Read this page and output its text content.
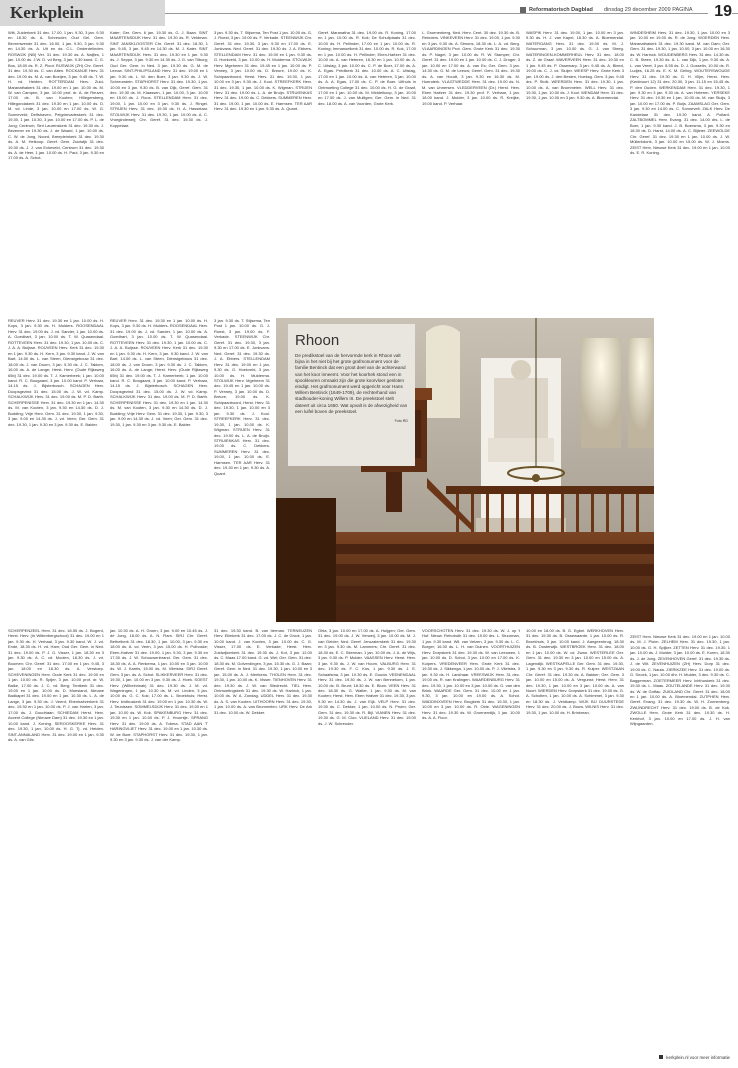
Kerkplein	Reformatorisch Dagblad dinsdag 29 december 2009 PAGINA	19
Wiit, Zuiderkerk 31 dec. 17.00, 1 jan. 9.30, 3 jan. 9.30 en 18.30 ds. A. Schreuder; Oud Gel. Gem. Bevrenwende 31 dec. 16.00, 1 jan. 9.30, 3 jan. 9.30 en 14.30 ds. A. Uit en ds. C.L. Onderdelinden. ROSWIJK (NB) Ver. 31 dec. 19.30 ds. A. Naijtes, 1 jan. 10.00 ds. J.W. D. vd Berg, 3 jan. 9.30 kand. C. G. Bos, 18.00 ds. R. Z. Ploot. RIJSWIJK (ZH) Chr. Geref. 31 dec. 19.30 ds. C. van Atten. ROCKANJE Herv. 31 dec. 19.00 ds. M. A. van Boeijen, 3 jan. 9.45 ds. T. W. H. vd. Heiden. ROTTERDAM Herv. Zuid-Maranathakerk 31 dec. 19.00 en 1 jan. 10.00 ds. M. W. van Campen, 3 jan. 10.00 prof. dr. A. de Reuver, 17.00 ds. B. van Kooten; Hillegersberg, Hillegondakerk 31 dec. 19.30 en 1 jan. 10.00 ds. D. M. vd. Linde, 3 jan. 10.00 en 17.00 ds. W. G. Sonneveld; Delfshaven, Pelgrimvadeskerk 31 dec. 19.30, 1 jan. 10.30, 3 jan. 10.00 en 17.00 ds. P. L. de Jong; Centrum, Sint Laurenskerk 31 dec. 19.30 ds. J. Bezemer en 19.30 ds. J. de Waard, 1 jan. 10.00 ds. C. W. de Jong, Noord, Breepleinkerk 31 dec. 19.30 ds. A. M. Heikoop. Geref. Gem. Zuidwijk 31 dec. 19.30 ds. J. J. van Eckeveld, Centrum 31 dec. 19.30 ds. A. de Heer, 1 jan. 10.00 ds. H. Paul, 3 jan. 9.30 en 17.00 ds. A. Schot.
Kater; Ger. Gem. 6 jan. 19.30 ds. G. J. Baan. SINT MAARTENSDIJK Herv. 31 dec. 19.30 ds. R. Veldman. SINT JANSKLOOSTER Chr. Geref. 31 dec. 18.30, 1 jan. 9.45, 3 jan. 9.45 en 14.30 ds. M. J. Kater. SINT MAARTENSDIJK Herv. 31 dec. 19.30 en 1 jan. 9.30 ds. J. Seppe, 3 jan. 9.30 en 14.30 ds. J. G. van Tilburg; Oud Ger. Gem. in Ned. 3 jan. 19.30 ds. G. M. de Leeuw. SINT-PHILIPSLAND Herv. 31 dec. 19.00 en 1 jan. 9.30 ds. L. W. den Boer, 3 jan. 9.30 ds. J. W. Schreurstein. STAPHORST Herv. 31 dec. 19.30, 1 jan. 10.00 en 3 jan. 9.30 ds. B. van Dijk, Geref. Gem. 31 dec. 19.30 ds. M. Klaassen, 1 jan. 10.00, 3 jan. 10.00 en 15.00 ds. J. Roos. STELLENDAM Herv. 31 dec. 19.00, 1 jan. 10.00 en 3 jan. 9.30 ds. J. Ringel. STRIJEN Herv. 31 dec. 19.30 ds. H. A. Hasselaar. STOLWIJK Herv. 31 dec. 19.30, 1 jan. 10.00 ds. A. C. Vroegindeweij; Chr. Geref. 31 dec. 19.30 ds. J. Koppelaar.
3 jan. 9.30 ds. T. Stijsema, Ten Post 1 jan. 10.00 ds. G. J. Roest, 3 jan. 19.00 ds. F. Verkade. STEENWIJK Chr. Geref. 31 dec. 19.30, 3 jan. 9.30 en 17.00 ds. E. Jonkvans. Ned. Geref. 31 dec. 19.30 ds. J. A. Ebbers. STELLENDAM Herv. 31 dec. 19.00 en 1 jan. 9.30 ds. G. Hoekveld, 3 jan. 10.00 ds. H. Mulderma. STOLWIJK Herv. Mgeheem 31 dec. 19.45 en 1 jan. 10.00 ds. P. Verwey, 3 jan. 10.00 ds. D. Breure, 19.00 ds. K. Schipaanboord, Herst. Herv. 31 dec. 19.30, 1 jan. 10.00 en 3 jan. 9.30 ds. J. Kool. STREEFKERK Herv. 31 dec. 19.30, 1 jan. 10.00 ds. K. Wigman. STRIJEN Herv. 31 dec. 19.00 ds. L. A. de Bruijn. STRUIENKAS Herv. 31 dec. 19.00 ds. C. Dekkers. SUMMEREN Herv. 31 dec. 19.00, 1 jan. 10.00 ds. E. Harmsen. TER AAR Herv. 31 dec. 19.30 en 1 jan. 9.30 ds. A. Quant.
Geref. Maranatha 31 dec. 19.00 ds. R. Koning, 17.00 en 1 jan. 10.00 ds. R. Kok; De Schuilplaats 31 dec. 10.00 ds. H. Pellinder, 17.00 en 1 jan. 10.00 ds. R. Koning; Immanuelkerk 31 dec. 10.00 ds. R. Kok, 17.00 en 1 jan. 10.00 ds. H. Pellinder; Eben-Haëzer 31 dec. 10.00 ds. A. van Heteren, 16.30 en 1 jan. 10.00 ds. A. C. Uitslag, 3 jan. 10.00 ds. C. P. de Boer, 17.00 ds. A. A. Egas. Prédikerk 31 dec. 10.00 ds. A. C. Uitslag, 17.00 en 1 jan. 10.00 ds. A. van Heteren, 3 jan. 10.00 ds. A. A. Egas, 17.00 ds. C. P. de Boer. Uithuis in Ontmoeting College 31 dec. 10.00 ds. H. G. de Graaf, 17.00 en 1 jan. 10.00 ds. M. Middelkoop, 3 jan. 10.00 en 17.00 ds. J. van Mulligen; Ger. Gem. in Ned. 31 dec. 18.00 ds. A. van Voorden, Grote Kerk.
L. Groenenberg, Ned. Herv. Cent. 30 dec. 19.30 ds. B. Reinders. VINKEVEEN Herv. 31 dec. 19.00, 1 jan. 9.30 en 3 jan. 9.30 ds. A. Simons, 18.30 ds. L. A. vd. Berg. VLAARDINGEN Prot. Gem. Grote Kerk 31 dec. 19.30 ds. P. Nagel, 3 jan. 10.00 ds. R. W. Stamper; Chr. Geref. 31 dec. 19.00 en 1 jan. 10.00 ds. C. J. Droger, 3 jan. 10.00 en 17.00 ds. A. van Es; Ger. Gem. 3 jan. 14.30 ds. G. M. de Leeuw; Geref. Gem. 31 dec. 19.30 ds. A. van Houdt, 3 jan. 9.30 en 16.30 ds. M. Hoenderk. VLAGTWEDDE Herv. 31 dec. 19.00 ds. N. M. van Unnersen. VLEDDERVEEN (Dr.) Herst. Herv. Eben Haëzer 31 dec. 19.30 prof. F. Verhaar, 1 jan. 18.00 kand. J. Mulder, 3 jan. 10.00 ds. R. Kreijke, 19.00 kand. P. Verhaar.
WASPIK Herv. 31 dec. 19.00, 1 jan. 10.00 en 3 jan. 9.30 ds. H. J. van Kapel, 18.30 ds. A. Bloemendal. WATERGANG Herv. 31 dec. 19.00 ds. M. J. Schuurman, 3 jan. 10.00 ds. G. J. van Steeg. WATERINGEN-KOMMERHEUL Herv. 31 dec. 18.00 ds. Z. de Graaf. WAVERVEEN Herv. 31 dec. 19.30 en 1 jan. 9.45 ds. P. Ossewarp, 3 jan. 9.45 ds. A. Bleed, 19.00 ds. C. J. vd. Sluijer. WEESP Herv. Grote Kerk 3 jan. 19.00 ds. J. den Besten, Hoeksg. Gem. 3 jan. 9.45 drs. P. Stolk. WEERDEN Herv. 31 dec. 19.30, 1 jan. 10.00 ds. A. van Brummelen. WELL Herv. 31 dec. 19.30, 1 jan. 10.00 ds. J. Kool. WENDAM Herv. 31 dec. 19.30, 1 jan. 10.00 en 3 jan. 9.30 ds. A. Bloemendal.
WINDESHEIM Herv. 31 dec. 19.30, 1 jan. 10.00 en 3 jan. 10.00 en 19.00 ds. R. de Jong. WOERDEN Herv. Maranathakerk 31 dec. 19.30 kand. M. van Dam; Ger. Gem. 31 dec. 19.30, 1 jan. 10.00, 3 jan. 10.00 en 16.30 ds. W. Harinck. WOUDENBERG Herv. 31 dec. 14.30 ds. C. B. Steen, 19.30 ds. A. L. van Dijk, 1 jan. 9.30 ds. A. L. van Vreet, 3 jan. 8.55 ds. D. J. Gosselin, 10.00 ds. R. Ludjes, 16.25 ds. E. K. M. Geling. WOUTERSWOUDE Herv. 31 dec. 19.30 ds. G. H. Vlijm, Herst. Herv. (Kerkbuurt 12) 31 dec. 20.30, 3 jan. 11.15 en 15.45 ds. P. den Ouden. WERKENDAM Herv. 31 dec. 19.30, 1 jan. 9.30 en 3 jan. 9.30 ds. A. van Heteren. YERSEKE Herv. 31 dec. 19.30 en 1 jan. 10.00 ds. M. van Sluijs, 3 jan. 10.00 en 17.00 ds. P. Buijs. ZAAMSLAG Ger. Gem. 3 jan. 9.30 en 14.00 ds. C. Sonnevelt. ZALK Herv. De Kandelaar 31 dec. 19.30 kand. A. Pollard. ZALTBOMMEL Herv. Evang. 31 dec. 14.00 drs. L. de Boer, 1 jan. 9.30 kand. J. B. Boersma, 3 jan. 9.30 en 18.30 ds. D. Harst, 14.00 ds. A. C. Bijleier. ZEEWOLDE Chr. Geref. 31 dec. 19.30 en 1 jan. 10.00 ds. J. W. Müllerkdonk, 3 jan. 10.00 en 15.00 ds. W. J. Moens. ZEIST Herv. Nieuwe Kerk 31 dec. 19.00 en 1 jan. 10.00 ds. E. R. Koning.
REUVER Herv. 31 dec. 19.30 en 1 jan. 10.00 ds. H. Kops, 3 jan. 9.30 ds. H. Mulders. ROOSENDAAL Herv. 31 dec. 19.00 ds. J. vd. Sander, 1 jan. 10.00 ds. A. Goedhart, 3 jan. 10.00 ds. T. W. Quasendaal. ROTTEVEEN Herv. 31 dec. 19.30, 1 jan. 10.00 ds. C. J. A. A. Buijsse. ROUVEEN Herv. Kerk 31 dec. 19.30 en 1 jan. 9.30 ds. H. Kern, 3 jan. 9.30 kand. J. W. van Bart, 14.00 ds. L. van Steen, Dienstgebouw 31 dec. 18.00 ds. J. van Doorn, 3 jan. 9.30 ds. J. C. Takken, 16.00 ds. A. de Lange; Herst. Herv. (Oude Rijksweg 65b) 31 dec. 19.00 ds. T. J. Kamerbeek; 1 jan. 10.00 kand. R. C. Boogaard, 3 jan. 10.00 kand. P. Verhaar, 14.15 ds. J. Bijsterbosch. SCHAGEN Herv. Doopsgezind 31 dec. 15.00 ds. J. W. vd. Kamp. SCHALKWIJK Herv. 31 dec. 19.00 ds. M. P. D. Barth. SCHERPENISSE Herv. 31 dec. 19.30 en 1 jan. 14.30 ds. M. van Kooten, 3 jan. 9.30 en 14.30 ds. D. J. Budding; Vrije Herv. Gem. 31 dec. 19.30, 1 jan. 9.30, 3 jan. 9.00 en 14.30 ds. J. vd. Veen; Ger. Gem. 31 dec. 19.30, 1 jan. 9.30 en 3 jan. 9.30 ds. E. Balder.
REUVER Herv. 31 dec. 19.30 en 1 jan. 10.00 ds. H. Kops, 3 jan. 9.30 ds. H. Mulders. ROOSENDAAL Herv. 31 dec. 19.00 ds. J. vd. Sander, 1 jan. 10.00 ds. A. Goedhart, 3 jan. 10.00 ds. T. W. Quasendaal. ROTTEVEEN Herv. 31 dec. 19.30, 1 jan. 10.00 ds. C. J. A. A. Buijsse. ROUVEEN Herv. Kerk 31 dec. 19.30 en 1 jan. 9.30 ds. H. Kern, 3 jan. 9.30 kand. J. W. van Bart, 14.00 ds. L. van Steen, Dienstgebouw 31 dec. 18.00 ds. J. van Doorn, 3 jan. 9.30 ds. J. C. Takken, 16.00 ds. A. de Lange; Herst. Herv. (Oude Rijksweg 65b) 31 dec. 19.00 ds. T. J. Kamerbeek; 1 jan. 10.00 kand. R. C. Boogaard, 3 jan. 10.00 kand. P. Verhaar, 14.15 ds. J. Bijsterbosch. SCHAGEN Herv. Doopsgezind 31 dec. 15.00 ds. J. W. vd. Kamp. SCHALKWIJK Herv. 31 dec. 19.00 ds. M. P. D. Barth. SCHERPENISSE Herv. 31 dec. 19.30 en 1 jan. 14.30 ds. M. van Kooten, 3 jan. 9.30 en 14.30 ds. D. J. Budding; Vrije Herv. Gem. 31 dec. 19.30, 1 jan. 9.30, 3 jan. 9.00 en 14.30 ds. J. vd. Veen; Ger. Gem. 31 dec. 19.30, 1 jan. 9.30 en 3 jan. 9.30 ds. E. Balder.
3 jan. 9.30 ds. T. Stijsema, Ten Post 1 jan. 10.00 ds. G. J. Roest, 3 jan. 19.00 ds. F. Verkade. STEENWIJK Chr. Geref. 31 dec. 19.30, 3 jan. 9.30 en 17.00 ds. E. Jonkvans. Ned. Geref. 31 dec. 19.30 ds. J. A. Ebbers. STELLENDAM Herv. 31 dec. 19.00 en 1 jan. 9.30 ds. G. Hoekveld, 3 jan. 10.00 ds. H. Mulderma. STOLWIJK Herv. Mgeheem 31 dec. 19.45 en 1 jan. 10.00 ds. P. Verwey, 3 jan. 10.00 ds. D. Breure, 19.00 ds. K. Schipaanboord, Herst. Herv. 31 dec. 19.30, 1 jan. 10.00 en 3 jan. 9.30 ds. J. Kool. STREEFKERK Herv. 31 dec. 19.30, 1 jan. 10.00 ds. K. Wigman. STRIJEN Herv. 31 dec. 19.00 ds. L. A. de Bruijn. STRUIENKAS Herv. 31 dec. 19.00 ds. C. Dekkers. SUMMEREN Herv. 31 dec. 19.00, 1 jan. 10.00 ds. E. Harmsen. TER AAR Herv. 31 dec. 19.30 en 1 jan. 9.30 ds. A. Quant.
Rhoon

De predikstoel van de hervormde kerk in Rhoon valt bijna in het niet bij het grote grafmonument voor de familie Bentinck dat een groot deel van de achterwand van het koor inneemt. Voor het koorhek stond een in spookleuren omraakt zijn die grote koorvloer gesloten eindigt. Het grafmonument werd opgericht voor Hans Willem Bentinck (1649-1709), de rechterhand van stadhouder-koning Willem III. De preekstoel stelt dateert uit circa 1650. Wat opvalt is de afwezigheid van een luifel boven de preekstoel.

Foto RD

SCHERPENZEEL Herv. 31 dec. 18.55 ds. J. Bogerd, Herst. Herv. (In Wittenbergschool) 31 dec. 19.00 en 1 jan. 9.30 ds. H. Verhaal, 3 jan. 9.30 kand. W. J. vd. Ende, 18.30 ds. H. vd. Ham; Oud Ger. Gem. in Ned. 31 dec. 19.00 ds. P. J. G. Visser, 1 jan. 18.30 en 3 jan. 9.30 ds. A. C. vd. Moolen, 18.30 ds. J. vd. Boomen; Chr. Geref. 31 dec. 17.00 en 1 jan. 9.45, 3 jan. 18.00 en 18.30 ds. A. Verstoep. SCHEVENINGEN Herv. Oude Kerk 31 dec. 19.00 en 1 jan. 10.00 ds. R. Spijer, 3 jan. 10.00 prof. dr. W. Balke, 17.00 ds. J. C. vd. Berg; Tentkerk 31 dec. 19.00 en 1 jan. 10.00 ds. D. Moesland, Nieuwe Badkapel 31 dec. 19.00 en 1 jan. 10.30 ds. L. A. de Lange, 3 jan. 9.30 ds. J. Veerd; Ebenhaëzerkerk 31 dec. 19.30 en 1 jan. 10.00 ds. P. J. van Harten, 3 jan. 17.00 ds. J. Goudriaan. SCHIEDAM Herst. Herv. Accent College (Nieuwe Dam) 31 dec. 19.30 en 1 jan. 10.00 kand. J. Koning. SEROOSKERKE Herv. 31 dec. 19.30, 1 jan. 10.00 ds. H. G. Tj. vd. Heiden. SINT-ANNALAND Herv. 31 dec. 19.00 en 1 jan. 9.30 ds. A. van Gils.
jan. 10.30 ds. A. H. Groen, 3 jan. 9.00 en 10.45 ds. J. de Jong, 18.00 ds. A. N. Flam. SIRJ Chr. Geref. Bethelkerk 31 dec. 18.30, 1 jan. 10.00, 3 jan. 9.30 en 18.00 ds. A. vd. Veen, 3 jan. 15.00 ds. H. Polhoske; Eben-Haëzer 31 dec. 19.00, 1 jan. 9.30, 3 jan. 9.30 en 17.30 ds. J. W. Schouwenbrand. Ger. Gem. 31 dec. 18.30 ds. A. A. Renkema, 1 jan. 10.00 en 3 jan. 10.00 ds. W. J. Karels, 15.00 ds. M. Vlietstra. SIRJ Geref. Gem. 3 jan. ds. A. Schot. SLIKKERVEER Herv. 31 dec. 19.30, 1 jan. 10.00 en 3 jan. 9.30 ds. J. Hoek. SOEST Herv. (Wilhelminak) 31 dec. 19.30 ds. J. M. vd. Wageningen, 1 jan. 10.30 ds. M. vd. Linden, 3 jan. 10.00 ds. G. C. Kok; 17.00 ds. L. Broekhuis; Herst. Herv. Ichthuskerk 31 dec. 19.00 en 1 jan. 10.30 ds. W. J. Teunissen. SOMMELSDIJK Herv. 31 dec. 19.00 en 1 jan. 10.00 ds. W. Kok. SPAKENBURG Herv. 31 dec. 19.30 en 1 jan. 10.00 ds. P. J. Hoorntje. SPRANG Herv. 31 dec. 19.00 ds. A. Tobma. STAD AAN 'T HARINGVLIET Herv. 31 dec. 19.00 en 1 jan. 10.30 ds. W. de Boer. STAPHORST Herv. 31 dec. 19.30, 1 jan. 9.30 en 3 jan. 9.30 ds. J. van der Kamp.
31 dec. 19.30 kand. B. van Iterman. TERNEUZEN Herv. Elimkerk 31 dec. 17.00 ds. J. C. de Groot, 1 jan. 10.00 kand. J. van Kooten, 3 jan. 10.00 ds. C. G. Visser, 17.00 ds. E. Verkade; Herst. Herv. Zuidwijkerkerk 31 dec. 19.30 ds. J. Kot, 3 jan. 12.00 ds. C. Maas 17.00 kand. G. vd. Wel; Ger. Gem. 31 dec. 18.30 ds. M. Golverdingen, 3 jan. 15.30 ds. G. J. Baan; Geref. Gem. in Ned. 31 dec. 19.30, 1 jan. 10.00 en 3 jan. 15.00 ds. A. J. Mertkens. THOLEN Herv. 31 dec. 19.30, 1 jan. 10.00 ds. K. Visser. TIENHOVEN Herv. 31 dec. 19.30 ds. J. W. van Sliedrecht. TIEL Herv. Ontmoetingskerk 31 dec. 19.30 ds. W. Harinck, 1 jan. 10.00 ds. W. A. Zondag. UDDEL Herv. 31 dec. 19.30 ds. A. S. van Kooten. UITHOORN Herv. 31 dec. 19.30, 1 jan. 10.00 ds. A. van Brummelen. URK Herv. De Ark 31 dec. 10.00 ds. W. Dekker.
Ohla, 3 jan. 10.00 en 17.00 ds. A. Huijgen; Ger. Gem. 31 dec. 19.00 ds. J. W. Verweij, 3 jan. 10.00 ds. M. J. van Gelder; Ned. Geref. Jeruzalemkerk 31 dec. 19.30 en 3 jan. 9.30 ds. M. Lammers; Chr. Geref. 31 dec. 18.30 ds. E. C. Stierman, 1 jan. 10.00 ds. J. A. de Wijs, 3 jan. 9.30 ds. P. Mulder. VAASSEN Herv. Herst. Herv. 3 jan. 9.30 ds. J. W. van Hoorn. VALBURG Herv. 31 dec. 19.30 ds. F. C. Kos, 1 jan. 9.30 ds. J. E. Schaafsma, 3 jan. 10.30 ds. E. Gouda. VEENENDAAL Herv. 31 dec. 19.30 ds. J. W. van Bennekom, 1 jan. 10.00 ds. B. Brunt; 18.30 ds. E. Blum. VEEN Herv. 31 dec. 18.30 ds. G. Walter, 1 jan. 9.30 ds. M. van Kooten; Herst. Herv. Eben Haëzer 31 dec. 19.30, 3 jan. 9.30 en 14.30 ds. J. van Eijk. VELP Herv. 31 dec. 19.30 ds. C. Dekker, 1 jan. 10.00 ds. N. Pruim; Ger. Gem. 31 dec. 19.30 ds. R. Bijl. VIANEN Herv. 31 dec. 19.30 ds. G. M. Cloo. VLIELAND Herv. 31 dec. 19.00 ds. J. W. Schreuder.
VOORSCHOTEN Herv. 31 dec. 19.30 ds. W. J. op 't Hof. Nieuw. Rehoboth 31 dec. 19.00 drs. L. Stuurman, 1 jan. 9.30 kand. Wil. van Velzen, 3 jan. 9.30 ds. L. C. Burger; 16.30 ds. L. H. van Duinen. VOORTHUIZEN Herv. Dorpskerk 31 dec. 19.30 ds. W. van Leeuwen, 1 jan. 10.00 ds. D. Schot, 3 jan. 10.00 en 17.00 ds. K. Kuipers. VREDENVEER Herv. Grote Kerk 31 dec. 19.30 ds. J. Sikkenga, 1 jan. 10.00 ds. P. J. Vlietstra, 3 jan. 9.30 ds. H. Lankhaar. VREESWIJK Herv. 31 dec. 19.00 ds. R. van Kralingen. WAARDENBURG Herv. 31 dec. 19.30, 1 jan. 10.00 en 3 jan. 10.00 ds. G. van den Brink. WAARDE Ger. Gem. 31 dec. 10.00 en 1 jan. 9.30, 3 jan. 10.00 en 19.00 ds. A. Schot. WADDINXVEEN Herv. Brugkerk 31 dec. 19.30, 1 jan. 10.00 en 3 jan. 10.00 ds. R. Olde. WAGENINGEN Herv. 31 dec. 19.30 ds. W. Groenendijk, 1 jan. 10.00 ds. A. A. Floor.
10.00 en 18.00 ds. B. G. Egbel. WERKHOVEN Herv. 31 dec. 19.30 ds. B. Ossewaarde, 1 jan. 10.00 ds. R. Broekhuis, 3 jan. 10.00 kand. J. Aangeenbrug, 18.30 ds. B. Oosterwijk. WESTBROEK Herv. 31 dec. 18.00 en 1 jan. 10.00 ds. W. vd. Zwan. WESTERLEE Ger. Gem. 31 dec. 19.30 en 3 jan. 10.00 en 15.00 ds. A. Lagendijk. WESTKAPELLE Ger. Gem. 31 dec. 19.30, 1 jan. 9.30 en 3 jan. 9.30 ds. R. Kuiper. WESTZAAN Chr. Geref. 31 dec. 19.30 ds. A. Bakker; Ger. Gem. 3 jan. 10.00 en 15.00 ds. A. Vergunst; Herst. Herv. 31 dec. 19.30, 1 jan. 10.00 en 3 jan. 10.00 ds. A. van Noort. WIERDEN Herv. Dorpskerk 31 dec. 19.00 ds. G. A. Scholten, 1 jan. 10.00 ds. A. Schimmel, 3 jan. 9.30 en 18.30 ds. J. Veldkamp. WIJK BIJ DUURSTEDE Herv. 31 dec. 20.00 ds. J. Bouw. WILNIS Herv. 31 dec. 19.30, 1 jan. 10.00 ds. H. Brinkman.
ZEIST Herv. Nieuwe Kerk 31 dec. 19.00 en 1 jan. 10.00 ds. M. J. Pluim. ZELHEM Herv. 31 dec. 19.30, 1 jan. 10.00 ds. G. H. Spijker. ZETTEN Herv. 31 dec. 19.30, 1 jan. 10.00 ds. J. Mulder, 3 jan. 10.00 ds. E. Koren, 18.30 ds. J. de Jong. ZEVENHOVEN Geref. 31 dec. 19.30 ds. J. de Wit. ZEVENHUIZEN (ZH) Herv. Dorp 31 dec. 19.00 ds. C. Nauta. ZIERIKZEE Herv. 31 dec. 19.00 ds. G. Snoek, 1 jan. 10.00 dhr. H. Mulder, 3 dec. 9.30 ds. C. Baggerman. ZOETERMEER Herv. Ichthuskerk 31 dec. 19.30 ds. L. Maas. ZOUTELANDE Herv. 31 dec. 19.30 ds. W. de Goffau. ZUIDLAND Chr. Geref. 31 dec. 18.00 en 1 jan. 10.00 ds. A. Bloemendal. ZUTPHEN Herv. Geref. Evang. 31 dec. 19.30 ds. W. H. Zonnenberg. ZWIJNDRECHT Herv. 31 dec. 19.00 ds. B. de Kok. ZWOLLE Herv. Grote Kerk 31 dec. 19.30 ds. H. Kerkhof, 3 jan. 10.00 en 17.00 ds. J. H. van Wijngaarden.
kerkplein.nl voor meer informatie
